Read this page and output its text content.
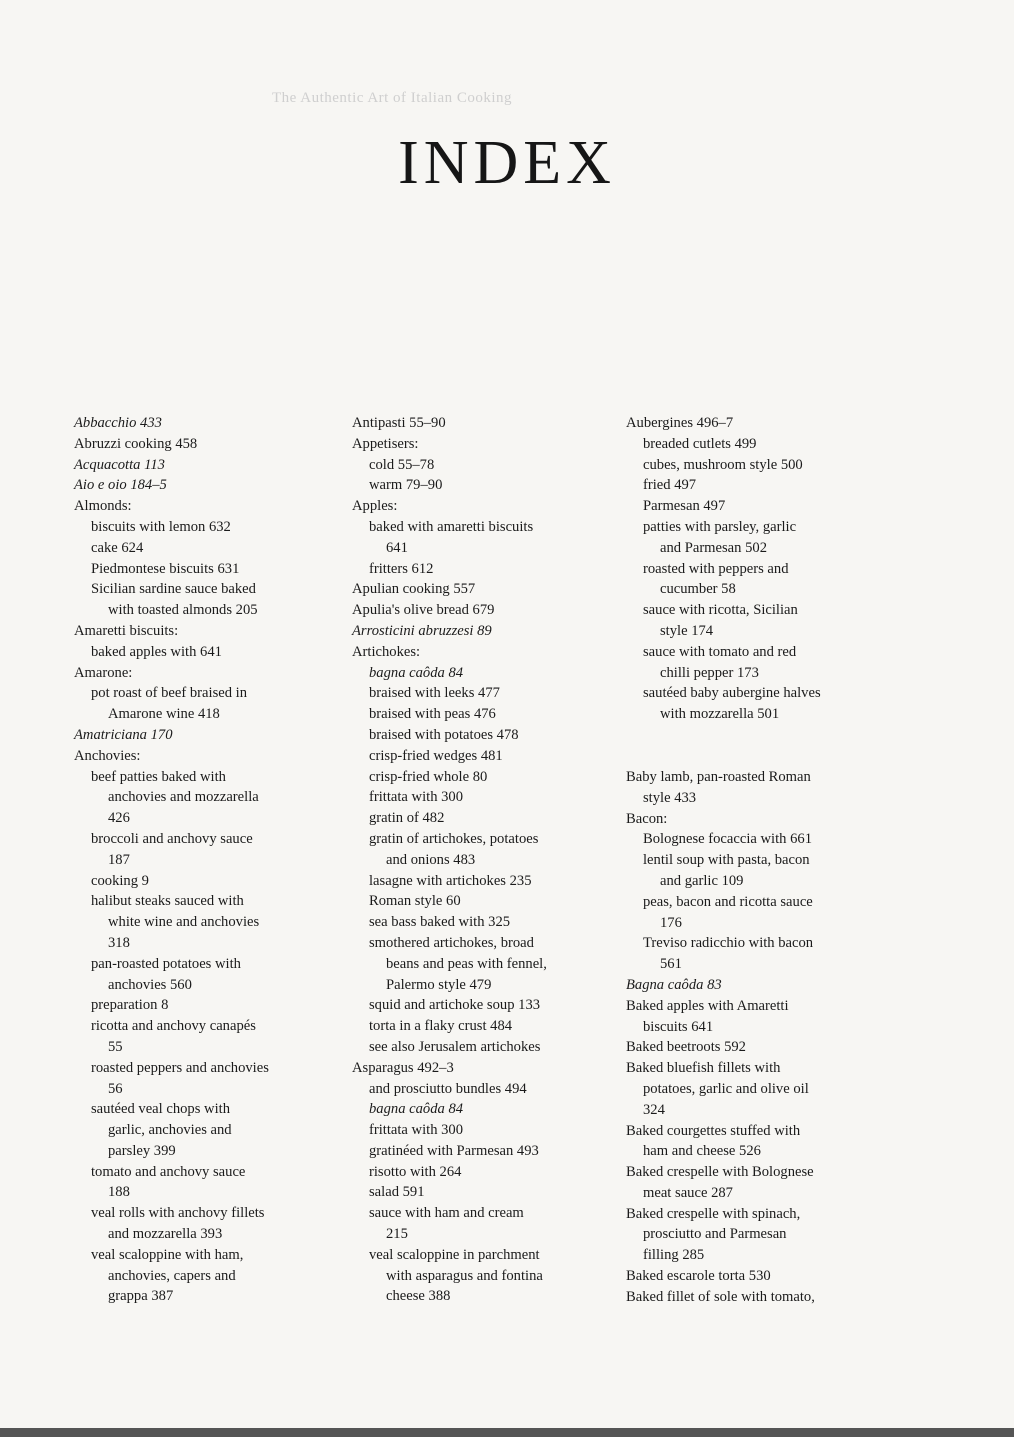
The Authentic Art of Italian Cooking
INDEX
Abbacchio 433
Abruzzi cooking 458
Acquacotta 113
Aio e oio 184–5
Almonds:
biscuits with lemon 632
cake 624
Piedmontese biscuits 631
Sicilian sardine sauce baked
with toasted almonds 205
Amaretti biscuits:
baked apples with 641
Amarone:
pot roast of beef braised in
Amarone wine 418
Amatriciana 170
Anchovies:
beef patties baked with
anchovies and mozzarella
426
broccoli and anchovy sauce
187
cooking 9
halibut steaks sauced with
white wine and anchovies
318
pan-roasted potatoes with
anchovies 560
preparation 8
ricotta and anchovy canapés
55
roasted peppers and anchovies
56
sautéed veal chops with
garlic, anchovies and
parsley 399
tomato and anchovy sauce
188
veal rolls with anchovy fillets
and mozzarella 393
veal scaloppine with ham,
anchovies, capers and
grappa 387
Antipasti 55–90
Appetisers:
cold 55–78
warm 79–90
Apples:
baked with amaretti biscuits
641
fritters 612
Apulian cooking 557
Apulia's olive bread 679
Arrosticini abruzzesi 89
Artichokes:
bagna caôda 84
braised with leeks 477
braised with peas 476
braised with potatoes 478
crisp-fried wedges 481
crisp-fried whole 80
frittata with 300
gratin of 482
gratin of artichokes, potatoes
and onions 483
lasagne with artichokes 235
Roman style 60
sea bass baked with 325
smothered artichokes, broad
beans and peas with fennel,
Palermo style 479
squid and artichoke soup 133
torta in a flaky crust 484
see also Jerusalem artichokes
Asparagus 492–3
and prosciutto bundles 494
bagna caôda 84
frittata with 300
gratinéed with Parmesan 493
risotto with 264
salad 591
sauce with ham and cream
215
veal scaloppine in parchment
with asparagus and fontina
cheese 388
Aubergines 496–7
breaded cutlets 499
cubes, mushroom style 500
fried 497
Parmesan 497
patties with parsley, garlic
and Parmesan 502
roasted with peppers and
cucumber 58
sauce with ricotta, Sicilian
style 174
sauce with tomato and red
chilli pepper 173
sautéed baby aubergine halves
with mozzarella 501
Baby lamb, pan-roasted Roman
style 433
Bacon:
Bolognese focaccia with 661
lentil soup with pasta, bacon
and garlic 109
peas, bacon and ricotta sauce
176
Treviso radicchio with bacon
561
Bagna caôda 83
Baked apples with Amaretti
biscuits 641
Baked beetroots 592
Baked bluefish fillets with
potatoes, garlic and olive oil
324
Baked courgettes stuffed with
ham and cheese 526
Baked crespelle with Bolognese
meat sauce 287
Baked crespelle with spinach,
prosciutto and Parmesan
filling 285
Baked escarole torta 530
Baked fillet of sole with tomato,
